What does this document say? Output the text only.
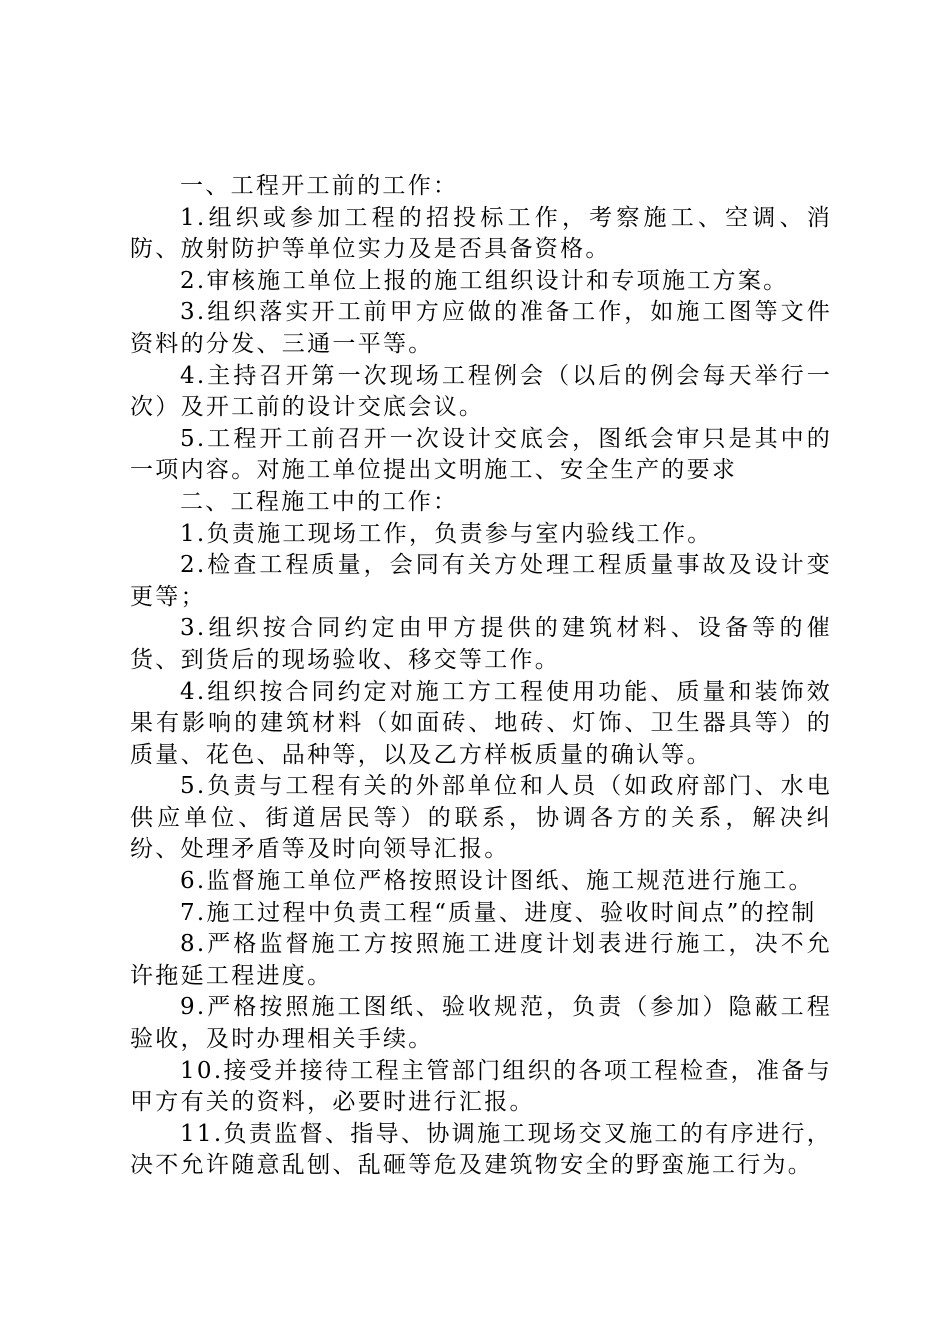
一、工程开工前的工作：

1.组织或参加工程的招投标工作，考察施工、空调、消防、放射防护等单位实力及是否具备资格。

2.审核施工单位上报的施工组织设计和专项施工方案。

3.组织落实开工前甲方应做的准备工作，如施工图等文件资料的分发、三通一平等。

4.主持召开第一次现场工程例会（以后的例会每天举行一次）及开工前的设计交底会议。

5.工程开工前召开一次设计交底会，图纸会审只是其中的一项内容。对施工单位提出文明施工、安全生产的要求

二、工程施工中的工作：

1.负责施工现场工作，负责参与室内验线工作。

2.检查工程质量，会同有关方处理工程质量事故及设计变更等；

3.组织按合同约定由甲方提供的建筑材料、设备等的催货、到货后的现场验收、移交等工作。

4.组织按合同约定对施工方工程使用功能、质量和装饰效果有影响的建筑材料（如面砖、地砖、灯饰、卫生器具等）的质量、花色、品种等，以及乙方样板质量的确认等。

5.负责与工程有关的外部单位和人员（如政府部门、水电供应单位、街道居民等）的联系，协调各方的关系，解决纠纷、处理矛盾等及时向领导汇报。

6.监督施工单位严格按照设计图纸、施工规范进行施工。

7.施工过程中负责工程“质量、进度、验收时间点”的控制

8.严格监督施工方按照施工进度计划表进行施工，决不允许拖延工程进度。

9.严格按照施工图纸、验收规范，负责（参加）隐蔽工程验收，及时办理相关手续。

10.接受并接待工程主管部门组织的各项工程检查，准备与甲方有关的资料，必要时进行汇报。

11.负责监督、指导、协调施工现场交叉施工的有序进行，决不允许随意乱刨、乱砸等危及建筑物安全的野蛮施工行为。
